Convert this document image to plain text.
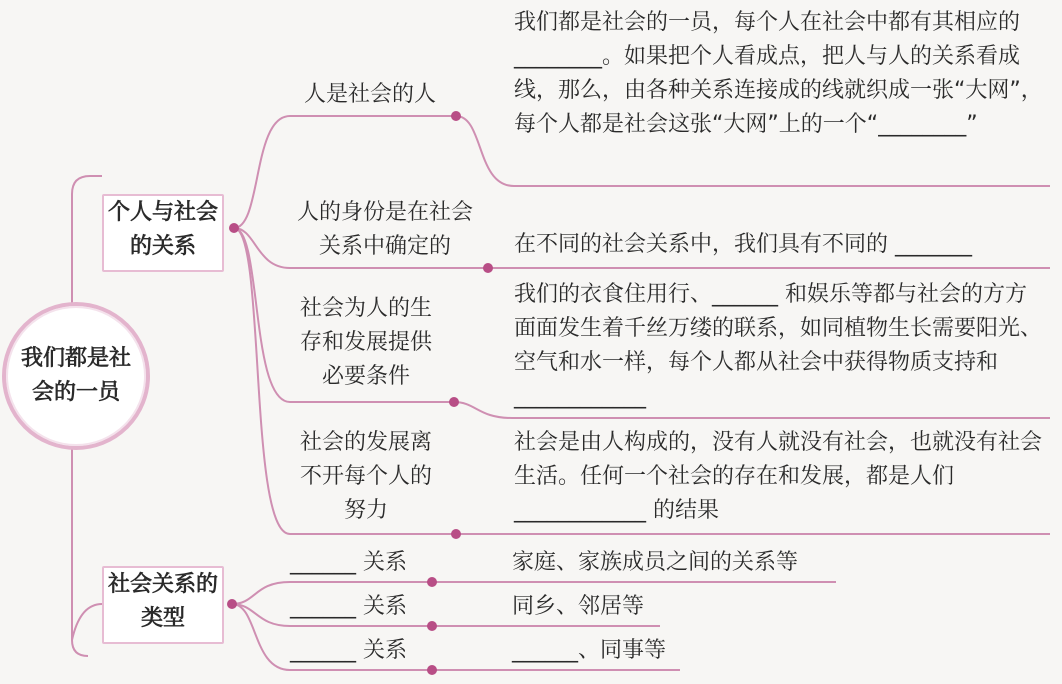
我们都是社会的一员
个人与社会的关系
社会关系的类型
人是社会的人
人的身份是在社会关系中确定的
社会为人的生存和发展提供必要条件
社会的发展离不开每个人的努力
我们都是社会的一员，每个人在社会中都有其相应的 ________。如果把个人看成点，把人与人的关系看成线，那么，由各种关系连接成的线就织成一张“大网”，每个人都是社会这张“大网”上的一个“________”
在不同的社会关系中，我们具有不同的 _______
我们的衣食住用行、______ 和娱乐等都与社会的方方面面发生着千丝万缕的联系，如同植物生长需要阳光、空气和水一样，每个人都从社会中获得物质支持和 ____________
社会是由人构成的，没有人就没有社会，也就没有社会生活。任何一个社会的存在和发展，都是人们 ____________ 的结果
______ 关系
______ 关系
______ 关系
家庭、家族成员之间的关系等
同乡、邻居等
______、同事等
